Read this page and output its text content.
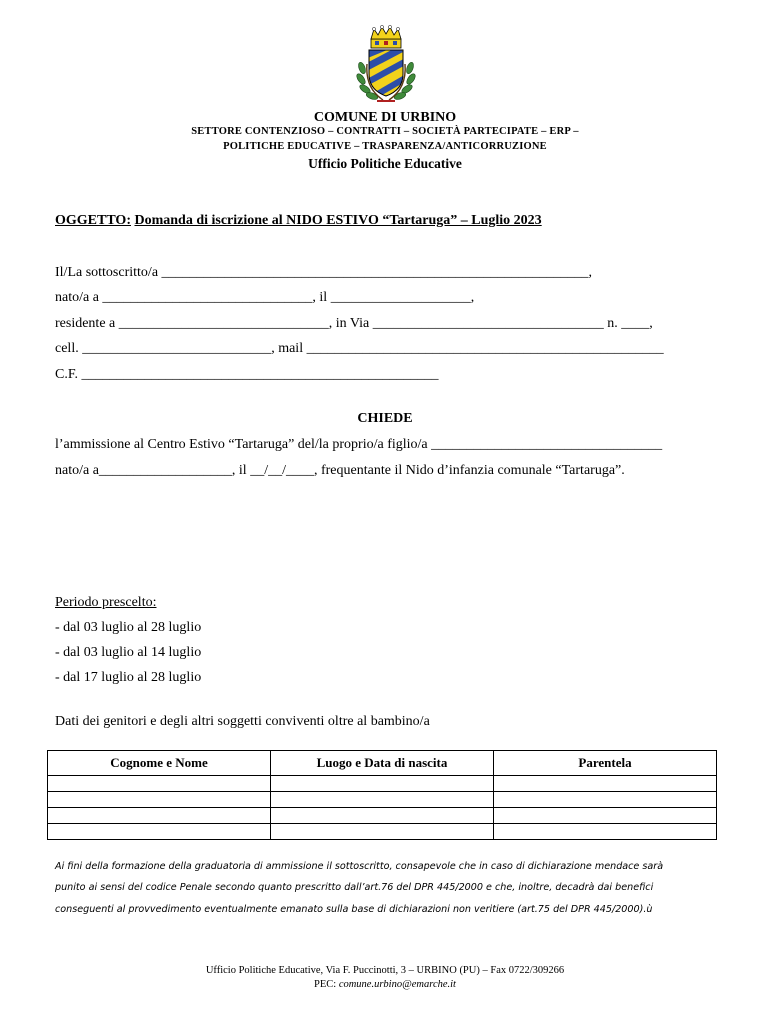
COMUNE DI URBINO
SETTORE CONTENZIOSO – CONTRATTI – SOCIETÀ PARTECIPATE – ERP –
POLITICHE EDUCATIVE – TRASPARENZA/ANTICORRUZIONE
Ufficio Politiche Educative
OGGETTO: Domanda di iscrizione al NIDO ESTIVO “Tartaruga” – Luglio 2023
Il/La sottoscritto/a _____________________________________________________________,
nato/a a ______________________________, il ____________________,
residente a ______________________________, in Via _________________________________ n. ____,
cell. ___________________________, mail ___________________________________________________
C.F. ___________________________________________________
CHIEDE
l’ammissione al Centro Estivo “Tartaruga” del/la proprio/a figlio/a _________________________________
nato/a a___________________, il __/__/____, frequentante il Nido d’infanzia comunale “Tartaruga”.
Periodo prescelto:
- dal 03 luglio al 28 luglio
- dal 03 luglio al 14 luglio
- dal 17 luglio al 28 luglio
Dati dei genitori e degli altri soggetti conviventi oltre al bambino/a
Cognome e Nome	Luogo e Data di nascita	Parentela

Ai fini della formazione della graduatoria di ammissione il sottoscritto, consapevole che in caso di dichiarazione mendace sarà
punito ai sensi del codice Penale secondo quanto prescritto dall’art.76 del DPR 445/2000 e che, inoltre, decadrà dai benefici
conseguenti al provvedimento eventualmente emanato sulla base di dichiarazioni non veritiere (art.75 del DPR 445/2000).ù
Ufficio Politiche Educative, Via F. Puccinotti, 3 – URBINO (PU) – Fax 0722/309266
PEC: comune.urbino@emarche.it
